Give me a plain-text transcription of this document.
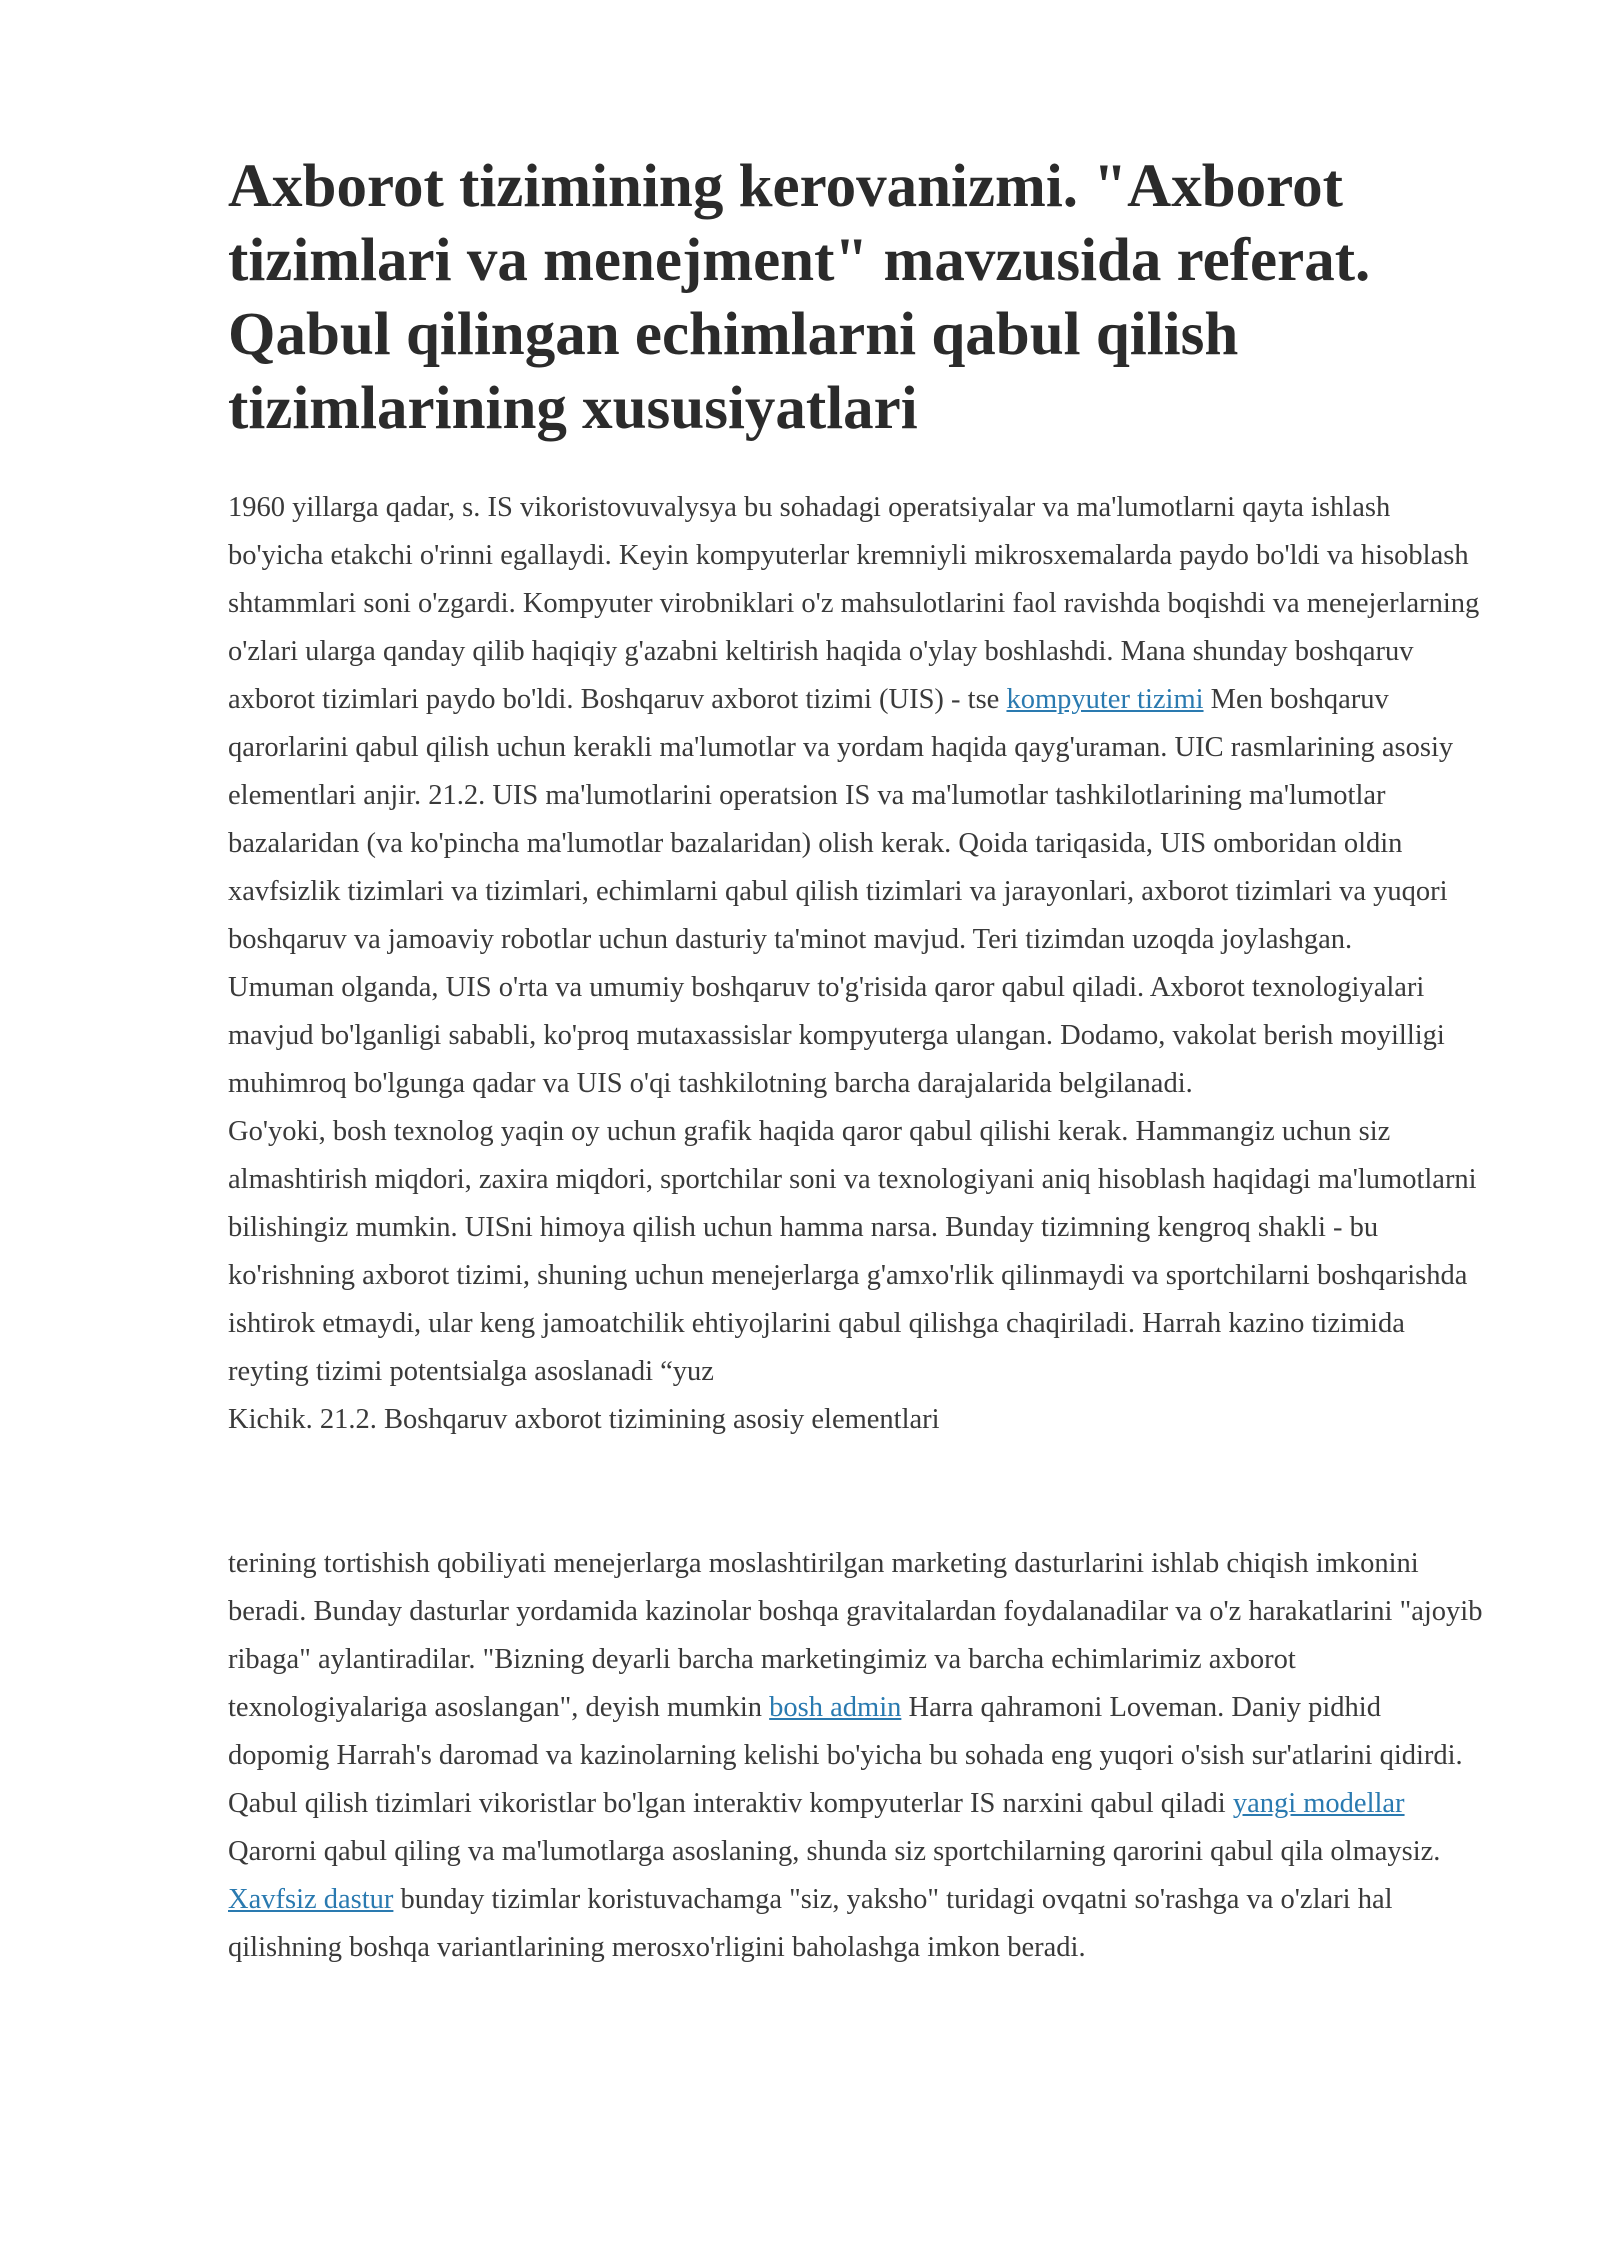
Axborot tizimining kerovanizmi. "Axborot tizimlari va menejment" mavzusida referat. Qabul qilingan echimlarni qabul qilish tizimlarining xususiyatlari

1960 yillarga qadar, s. IS vikoristovuvalysya bu sohadagi operatsiyalar va ma'lumotlarni qayta ishlash bo'yicha etakchi o'rinni egallaydi. Keyin kompyuterlar kremniyli mikrosxemalarda paydo bo'ldi va hisoblash shtammlari soni o'zgardi. Kompyuter virobniklari o'z mahsulotlarini faol ravishda boqishdi va menejerlarning o'zlari ularga qanday qilib haqiqiy g'azabni keltirish haqida o'ylay boshlashdi. Mana shunday boshqaruv axborot tizimlari paydo bo'ldi. Boshqaruv axborot tizimi (UIS) - tse kompyuter tizimi Men boshqaruv qarorlarini qabul qilish uchun kerakli ma'lumotlar va yordam haqida qayg'uraman. UIC rasmlarining asosiy elementlari anjir. 21.2. UIS ma'lumotlarini operatsion IS va ma'lumotlar tashkilotlarining ma'lumotlar bazalaridan (va ko'pincha ma'lumotlar bazalaridan) olish kerak. Qoida tariqasida, UIS omboridan oldin xavfsizlik tizimlari va tizimlari, echimlarni qabul qilish tizimlari va jarayonlari, axborot tizimlari va yuqori boshqaruv va jamoaviy robotlar uchun dasturiy ta'minot mavjud. Teri tizimdan uzoqda joylashgan.

Umuman olganda, UIS o'rta va umumiy boshqaruv to'g'risida qaror qabul qiladi. Axborot texnologiyalari mavjud bo'lganligi sababli, ko'proq mutaxassislar kompyuterga ulangan. Dodamo, vakolat berish moyilligi muhimroq bo'lgunga qadar va UIS o'qi tashkilotning barcha darajalarida belgilanadi.

Go'yoki, bosh texnolog yaqin oy uchun grafik haqida qaror qabul qilishi kerak. Hammangiz uchun siz almashtirish miqdori, zaxira miqdori, sportchilar soni va texnologiyani aniq hisoblash haqidagi ma'lumotlarni bilishingiz mumkin. UISni himoya qilish uchun hamma narsa. Bunday tizimning kengroq shakli - bu ko'rishning axborot tizimi, shuning uchun menejerlarga g'amxo'rlik qilinmaydi va sportchilarni boshqarishda ishtirok etmaydi, ular keng jamoatchilik ehtiyojlarini qabul qilishga chaqiriladi. Harrah kazino tizimida reyting tizimi potentsialga asoslanadi “yuz

Kichik. 21.2. Boshqaruv axborot tizimining asosiy elementlari

terining tortishish qobiliyati menejerlarga moslashtirilgan marketing dasturlarini ishlab chiqish imkonini beradi. Bunday dasturlar yordamida kazinolar boshqa gravitalardan foydalanadilar va o'z harakatlarini "ajoyib ribaga" aylantiradilar. "Bizning deyarli barcha marketingimiz va barcha echimlarimiz axborot texnologiyalariga asoslangan", deyish mumkin bosh admin Harra qahramoni Loveman. Daniy pidhid dopomig Harrah's daromad va kazinolarning kelishi bo'yicha bu sohada eng yuqori o'sish sur'atlarini qidirdi.

Qabul qilish tizimlari vikoristlar bo'lgan interaktiv kompyuterlar IS narxini qabul qiladi yangi modellar Qarorni qabul qiling va ma'lumotlarga asoslaning, shunda siz sportchilarning qarorini qabul qila olmaysiz. Xavfsiz dastur bunday tizimlar koristuvachamga "siz, yaksho" turidagi ovqatni so'rashga va o'zlari hal qilishning boshqa variantlarining merosxo'rligini baholashga imkon beradi.
